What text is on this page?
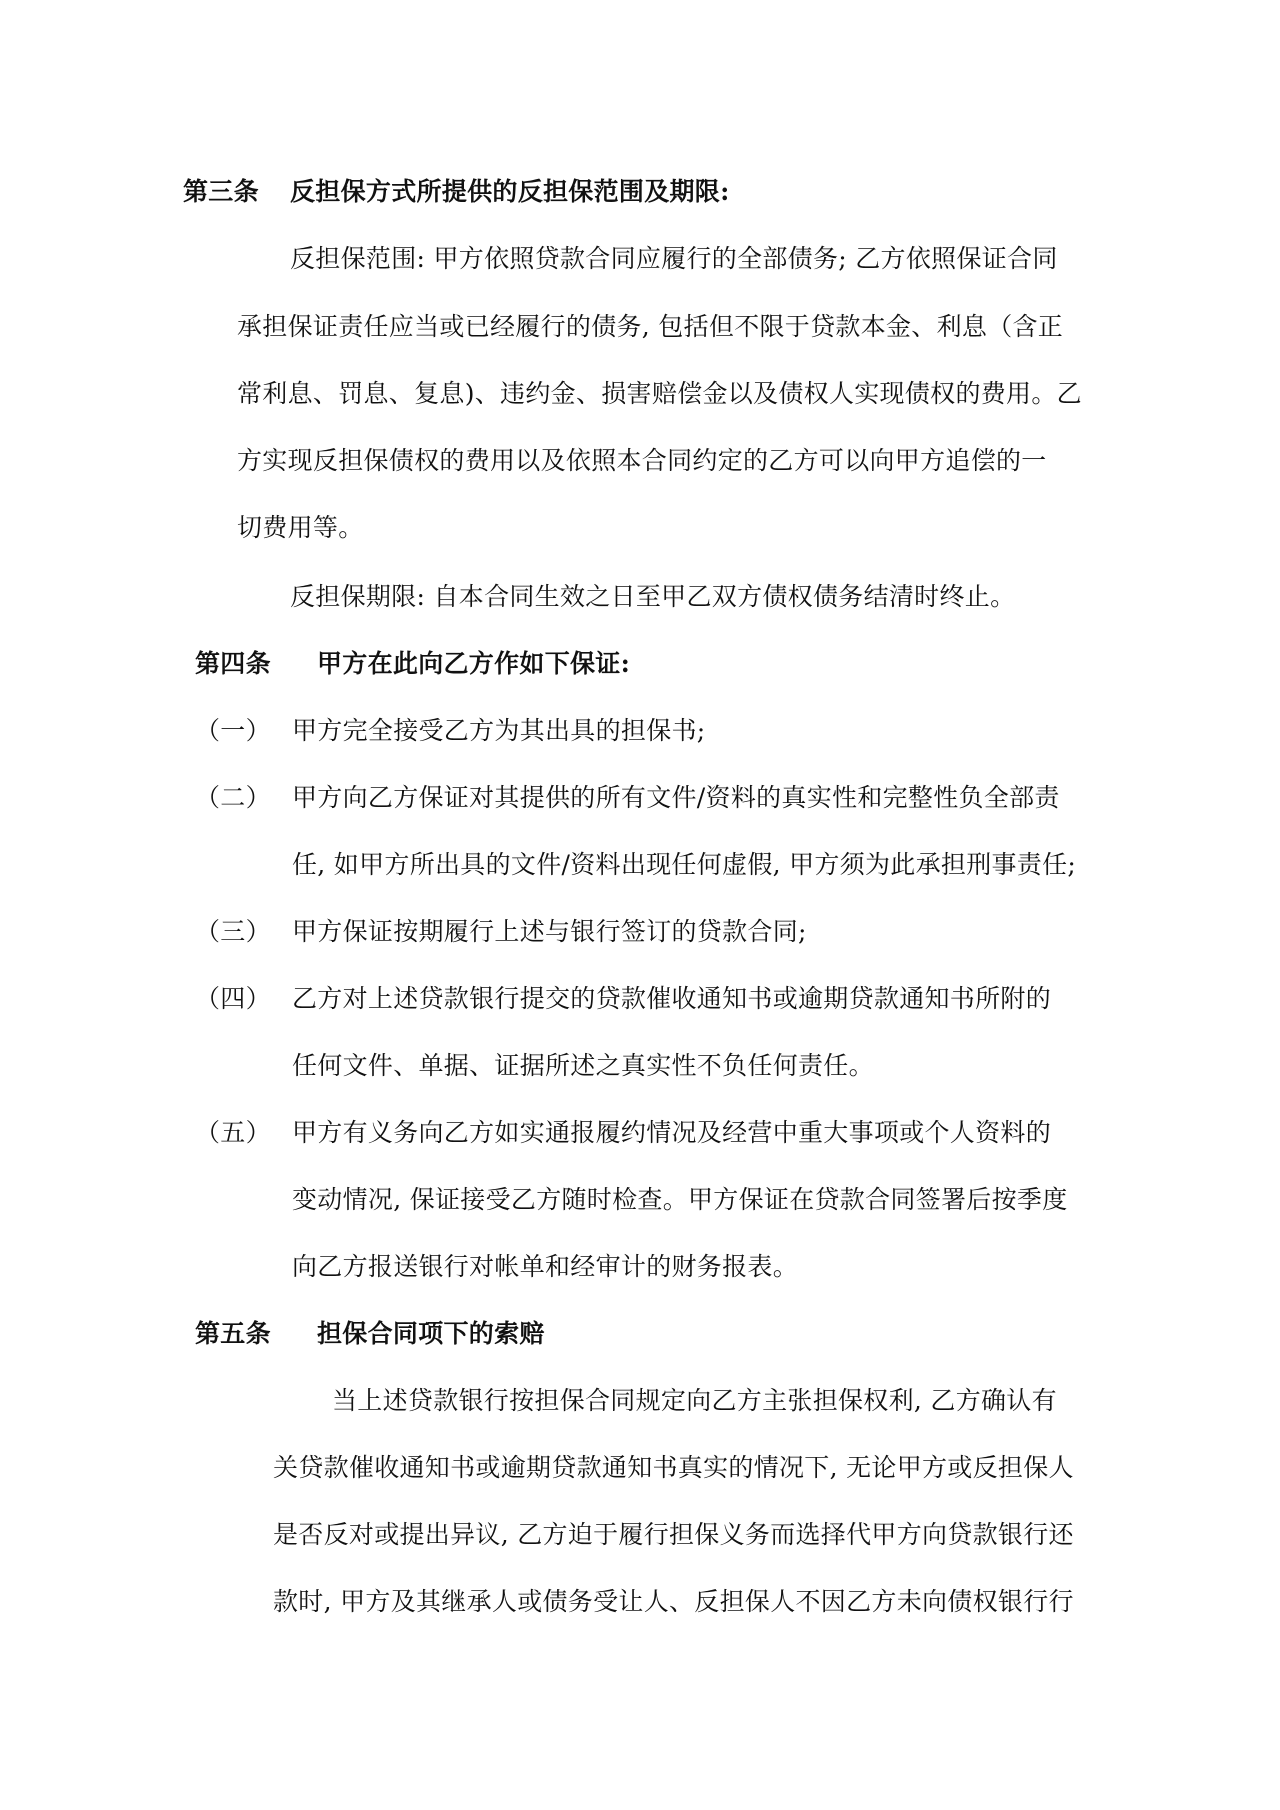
第三条 反担保方式所提供的反担保范围及期限:
反担保范围: 甲方依照贷款合同应履行的全部债务; 乙方依照保证合同
承担保证责任应当或已经履行的债务, 包括但不限于贷款本金、利息（含正
常利息、罚息、复息)、违约金、损害赔偿金以及债权人实现债权的费用。乙
方实现反担保债权的费用以及依照本合同约定的乙方可以向甲方追偿的一
切费用等。
反担保期限: 自本合同生效之日至甲乙双方债权债务结清时终止。
第四条 甲方在此向乙方作如下保证:
（一） 甲方完全接受乙方为其出具的担保书;
（二） 甲方向乙方保证对其提供的所有文件/资料的真实性和完整性负全部责
任, 如甲方所出具的文件/资料出现任何虚假, 甲方须为此承担刑事责任;
（三） 甲方保证按期履行上述与银行签订的贷款合同;
（四） 乙方对上述贷款银行提交的贷款催收通知书或逾期贷款通知书所附的
任何文件、单据、证据所述之真实性不负任何责任。
（五） 甲方有义务向乙方如实通报履约情况及经营中重大事项或个人资料的
变动情况, 保证接受乙方随时检查。甲方保证在贷款合同签署后按季度
向乙方报送银行对帐单和经审计的财务报表。
第五条 担保合同项下的索赔
当上述贷款银行按担保合同规定向乙方主张担保权利, 乙方确认有
关贷款催收通知书或逾期贷款通知书真实的情况下, 无论甲方或反担保人
是否反对或提出异议, 乙方迫于履行担保义务而选择代甲方向贷款银行还
款时, 甲方及其继承人或债务受让人、反担保人不因乙方未向债权银行行
